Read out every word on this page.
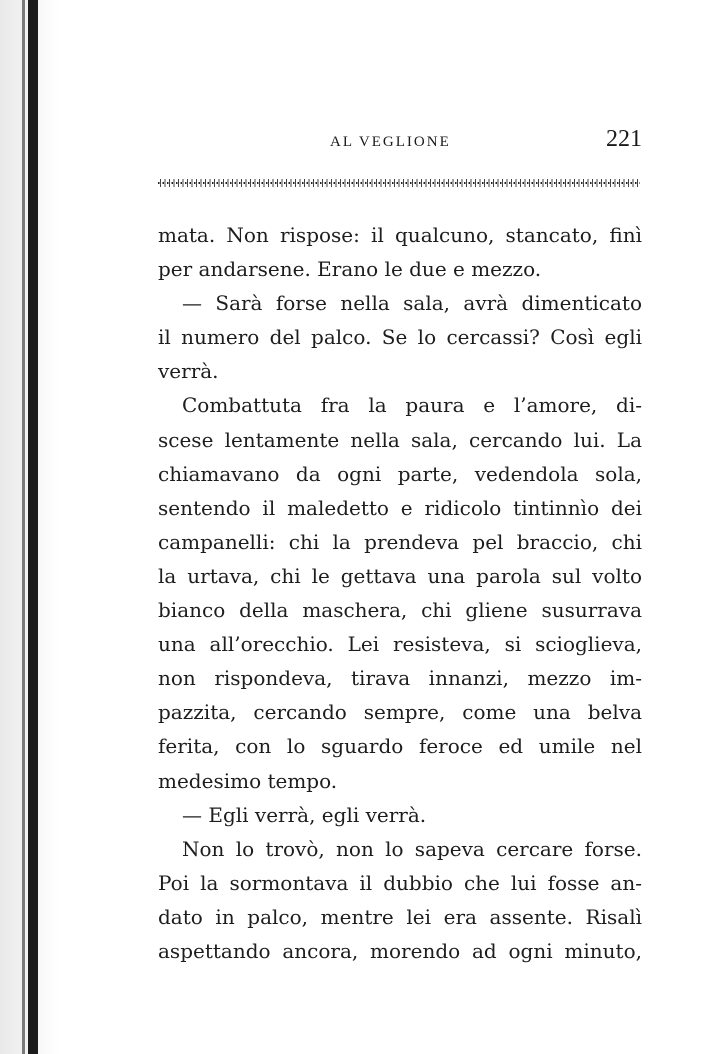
AL VEGLIONE	221
mata. Non rispose: il qualcuno, stancato, finì
per andarsene. Erano le due e mezzo.
— Sarà forse nella sala, avrà dimenticato
il numero del palco. Se lo cercassi? Così egli
verrà.
Combattuta fra la paura e l’amore, di-
scese lentamente nella sala, cercando lui. La
chiamavano da ogni parte, vedendola sola,
sentendo il maledetto e ridicolo tintinnìo dei
campanelli: chi la prendeva pel braccio, chi
la urtava, chi le gettava una parola sul volto
bianco della maschera, chi gliene susurrava
una all’orecchio. Lei resisteva, si scioglieva,
non rispondeva, tirava innanzi, mezzo im-
pazzita, cercando sempre, come una belva
ferita, con lo sguardo feroce ed umile nel
medesimo tempo.
— Egli verrà, egli verrà.
Non lo trovò, non lo sapeva cercare forse.
Poi la sormontava il dubbio che lui fosse an-
dato in palco, mentre lei era assente. Risalì
aspettando ancora, morendo ad ogni minuto,
